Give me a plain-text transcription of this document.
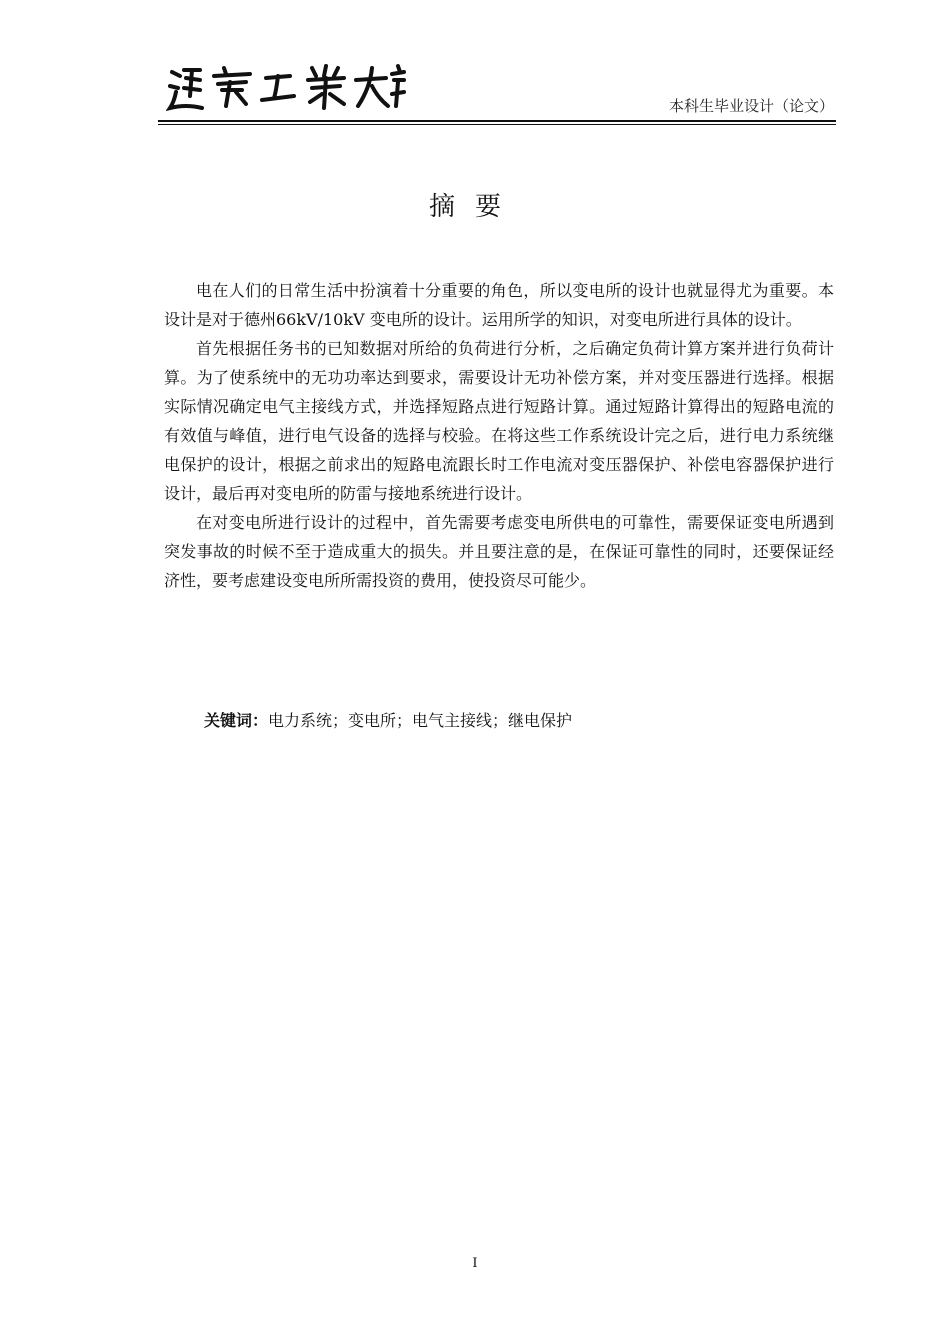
本科生毕业设计（论文）
摘要

电在人们的日常生活中扮演着十分重要的角色，所以变电所的设计也就显得尤为重要。本设计是对于德州66kV/10kV 变电所的设计。运用所学的知识，对变电所进行具体的设计。

首先根据任务书的已知数据对所给的负荷进行分析，之后确定负荷计算方案并进行负荷计算。为了使系统中的无功功率达到要求，需要设计无功补偿方案，并对变压器进行选择。根据实际情况确定电气主接线方式，并选择短路点进行短路计算。通过短路计算得出的短路电流的有效值与峰值，进行电气设备的选择与校验。在将这些工作系统设计完之后，进行电力系统继电保护的设计，根据之前求出的短路电流跟长时工作电流对变压器保护、补偿电容器保护进行设计，最后再对变电所的防雷与接地系统进行设计。

在对变电所进行设计的过程中，首先需要考虑变电所供电的可靠性，需要保证变电所遇到突发事故的时候不至于造成重大的损失。并且要注意的是，在保证可靠性的同时，还要保证经济性，要考虑建设变电所所需投资的费用，使投资尽可能少。

关键词：电力系统；变电所；电气主接线；继电保护
I
